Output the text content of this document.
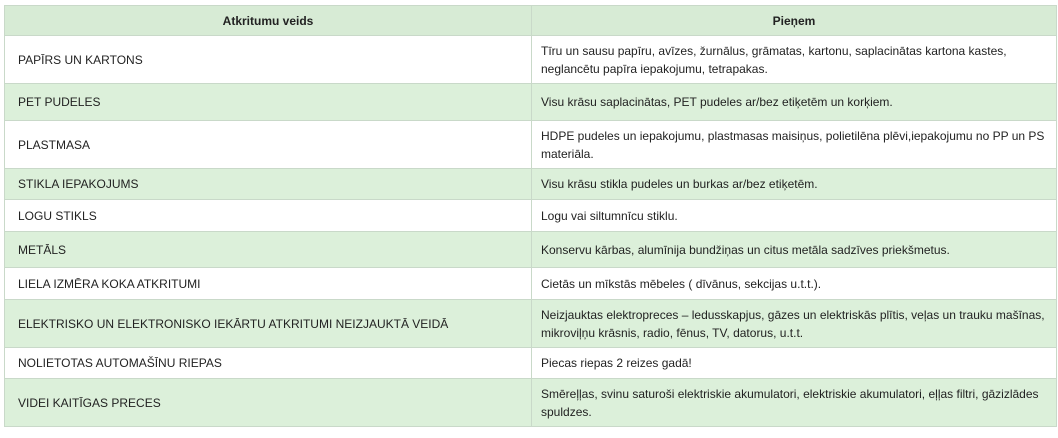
Atkritumu veids	Pieņem
PAPĪRS UN KARTONS	Tīru un sausu papīru, avīzes, žurnālus, grāmatas, kartonu, saplacinātas kartona kastes, neglancētu papīra iepakojumu, tetrapakas.
PET PUDELES	Visu krāsu saplacinātas, PET pudeles ar/bez etiķetēm un korķiem.
PLASTMASA	HDPE pudeles un iepakojumu, plastmasas maisiņus, polietilēna plēvi,iepakojumu no PP un PS materiāla.
STIKLA IEPAKOJUMS	Visu krāsu stikla pudeles un burkas ar/bez etiķetēm.
LOGU STIKLS	Logu vai siltumnīcu stiklu.
METĀLS	Konservu kārbas, alumīnija bundžiņas un citus metāla sadzīves priekšmetus.
LIELA IZMĒRA KOKA ATKRITUMI	Cietās un mīkstās mēbeles ( dīvānus, sekcijas u.t.t.).
ELEKTRISKO UN ELEKTRONISKO IEKĀRTU ATKRITUMI NEIZJAUKTĀ VEIDĀ	Neizjauktas elektropreces – ledusskapjus, gāzes un elektriskās plītis, veļas un trauku mašīnas, mikroviļņu krāsnis, radio, fēnus, TV, datorus, u.t.t.
NOLIETOTAS AUTOMAŠĪNU RIEPAS	Piecas riepas 2 reizes gadā!
VIDEI KAITĪGAS PRECES	Smērеļļas, svinu saturoši elektriskie akumulatori, elektriskie akumulatori, eļļas filtri, gāzizlādes spuldzes.
